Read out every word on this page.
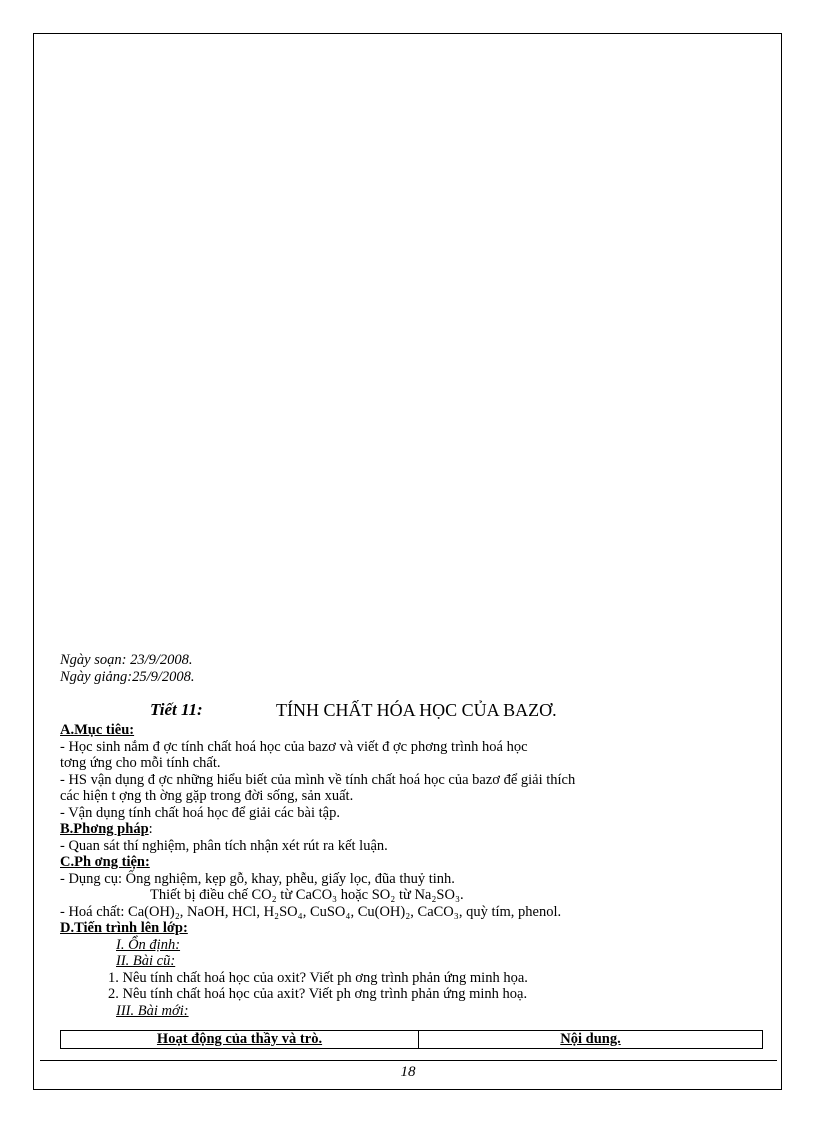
Ngày soạn: 23/9/2008.
Ngày giảng:25/9/2008.
Tiết 11:	TÍNH CHẤT HÓA HỌC CỦA BAZƠ.
A.Mục tiêu:
- Học sinh nắm đ ợc tính chất hoá học của bazơ và viết đ ợc phơng trình hoá học
tơng ứng cho mỗi tính chất.
- HS vận dụng đ ợc những hiểu biết của mình về tính chất hoá học của bazơ để giải thích
các hiện t ợng th ờng gặp trong đời sống, sản xuất.
- Vận dụng tính chất hoá học để giải các bài tập.
B.Phơng pháp:
- Quan sát thí nghiệm, phân tích nhận xét rút ra kết luận.
C.Ph ơng tiện:
- Dụng cụ: Ống nghiệm, kẹp gỗ, khay, phễu, giấy lọc, đũa thuỷ tinh.
Thiết bị điều chế CO₂ từ CaCO₃ hoặc SO₂ từ Na₂SO₃.
- Hoá chất: Ca(OH)₂, NaOH, HCl, H₂SO₄, CuSO₄, Cu(OH)₂, CaCO₃, quỳ tím, phenol.
D.Tiến trình lên lớp:
I. Ổn định:
II. Bài cũ:
1. Nêu tính chất hoá học của oxit? Viết ph ơng trình phản ứng minh họa.
2. Nêu tính chất hoá học của axit? Viết ph ơng trình phản ứng minh hoạ.
III. Bài mới:
Hoạt động của thầy và trò.	Nội dung.
18
